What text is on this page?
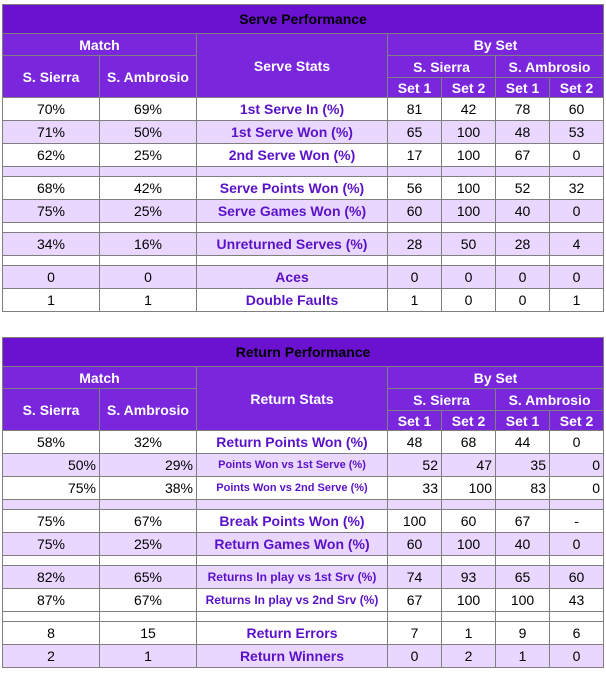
Serve Performance						
Match		Serve Stats	By Set			
S. Sierra	S. Ambrosio		S. Sierra		S. Ambrosio	
			Set 1	Set 2	Set 1	Set 2
70%	69%	1st Serve In (%)	81	42	78	60
71%	50%	1st Serve Won (%)	65	100	48	53
62%	25%	2nd Serve Won (%)	17	100	67	0

68%	42%	Serve Points Won (%)	56	100	52	32
75%	25%	Serve Games Won (%)	60	100	40	0

34%	16%	Unreturned Serves (%)	28	50	28	4

0	0	Aces	0	0	0	0
1	1	Double Faults	1	0	0	1
Return Performance						
Match		Return Stats	By Set			
S. Sierra	S. Ambrosio		S. Sierra		S. Ambrosio	
			Set 1	Set 2	Set 1	Set 2
58%	32%	Return Points Won (%)	48	68	44	0
50%	29%	Points Won vs 1st Serve (%)	52	47	35	0
75%	38%	Points Won vs 2nd Serve (%)	33	100	83	0

75%	67%	Break Points Won (%)	100	60	67	-
75%	25%	Return Games Won (%)	60	100	40	0

82%	65%	Returns In play vs 1st Srv (%)	74	93	65	60
87%	67%	Returns In play vs 2nd Srv (%)	67	100	100	43

8	15	Return Errors	7	1	9	6
2	1	Return Winners	0	2	1	0
